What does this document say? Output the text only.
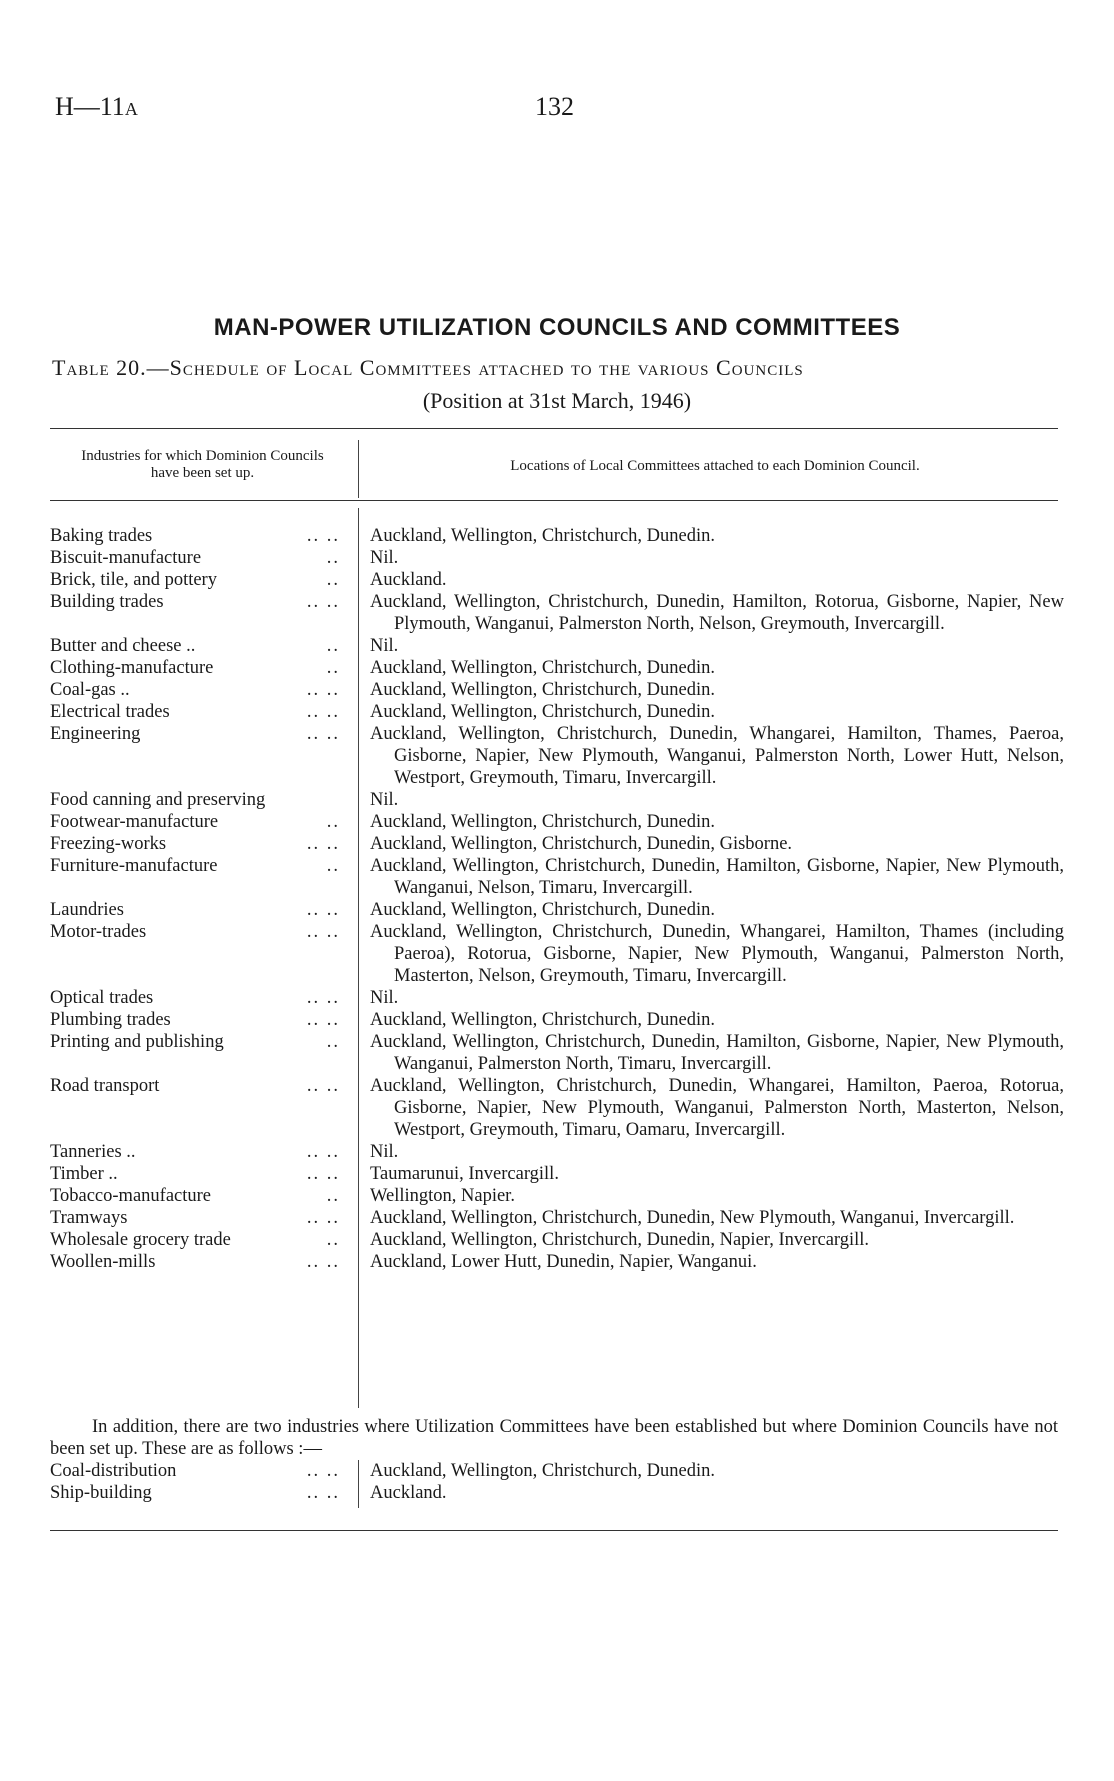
H—11A	132
MAN-POWER UTILIZATION COUNCILS AND COMMITTEES
Table 20.—Schedule of Local Committees attached to the various Councils
(Position at 31st March, 1946)
Industries for which Dominion Councils have been set up.	Locations of Local Committees attached to each Dominion Council.
Baking trades	.. .. Auckland, Wellington, Christchurch, Dunedin.
Biscuit-manufacture	.. Nil.
Brick, tile, and pottery	.. Auckland.
Building trades	.. .. Auckland, Wellington, Christchurch, Dunedin, Hamilton, Rotorua, Gisborne, Napier, New Plymouth, Wanganui, Palmerston North, Nelson, Greymouth, Invercargill.
Butter and cheese ..	.. Nil.
Clothing-manufacture	.. Auckland, Wellington, Christchurch, Dunedin.
Coal-gas ..	.. .. Auckland, Wellington, Christchurch, Dunedin.
Electrical trades	.. .. Auckland, Wellington, Christchurch, Dunedin.
Engineering	.. .. Auckland, Wellington, Christchurch, Dunedin, Whangarei, Hamilton, Thames, Paeroa, Gisborne, Napier, New Plymouth, Wanganui, Palmerston North, Lower Hutt, Nelson, Westport, Greymouth, Timaru, Invercargill.
Food canning and preserving	Nil.
Footwear-manufacture	.. Auckland, Wellington, Christchurch, Dunedin.
Freezing-works	.. .. Auckland, Wellington, Christchurch, Dunedin, Gisborne.
Furniture-manufacture	.. Auckland, Wellington, Christchurch, Dunedin, Hamilton, Gisborne, Napier, New Plymouth, Wanganui, Nelson, Timaru, Invercargill.
Laundries	.. .. Auckland, Wellington, Christchurch, Dunedin.
Motor-trades	.. .. Auckland, Wellington, Christchurch, Dunedin, Whangarei, Hamilton, Thames (including Paeroa), Rotorua, Gisborne, Napier, New Plymouth, Wanganui, Palmerston North, Masterton, Nelson, Greymouth, Timaru, Invercargill.
Optical trades	.. .. Nil.
Plumbing trades	.. .. Auckland, Wellington, Christchurch, Dunedin.
Printing and publishing	.. Auckland, Wellington, Christchurch, Dunedin, Hamilton, Gisborne, Napier, New Plymouth, Wanganui, Palmerston North, Timaru, Invercargill.
Road transport	.. .. Auckland, Wellington, Christchurch, Dunedin, Whangarei, Hamilton, Paeroa, Rotorua, Gisborne, Napier, New Plymouth, Wanganui, Palmerston North, Masterton, Nelson, Westport, Greymouth, Timaru, Oamaru, Invercargill.
Tanneries ..	.. .. Nil.
Timber ..	.. .. Taumarunui, Invercargill.
Tobacco-manufacture	.. Wellington, Napier.
Tramways	.. .. Auckland, Wellington, Christchurch, Dunedin, New Plymouth, Wanganui, Invercargill.
Wholesale grocery trade	.. Auckland, Wellington, Christchurch, Dunedin, Napier, Invercargill.
Woollen-mills	.. .. Auckland, Lower Hutt, Dunedin, Napier, Wanganui.

In addition, there are two industries where Utilization Committees have been established but where Dominion Councils have not been set up. These are as follows :—

Coal-distribution	.. .. Auckland, Wellington, Christchurch, Dunedin.
Ship-building	.. .. Auckland.
